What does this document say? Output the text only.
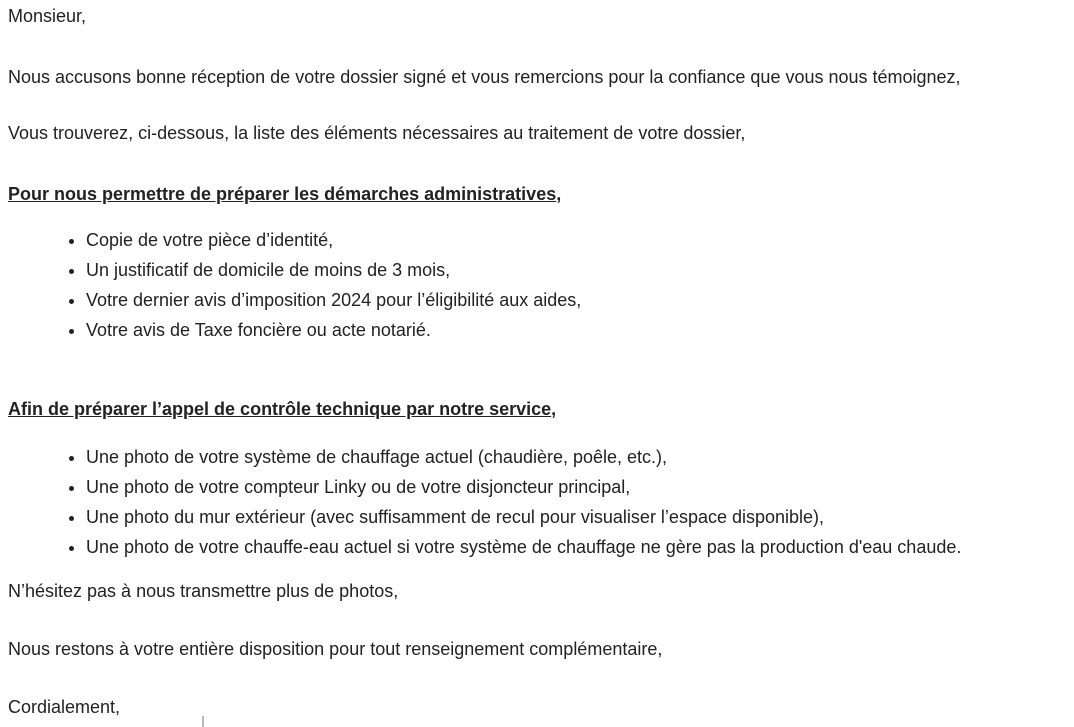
Monsieur,

Nous accusons bonne réception de votre dossier signé et vous remercions pour la confiance que vous nous témoignez,

Vous trouverez, ci-dessous, la liste des éléments nécessaires au traitement de votre dossier,

Pour nous permettre de préparer les démarches administratives,

• Copie de votre pièce d’identité,
• Un justificatif de domicile de moins de 3 mois,
• Votre dernier avis d’imposition 2024 pour l’éligibilité aux aides,
• Votre avis de Taxe foncière ou acte notarié.

Afin de préparer l’appel de contrôle technique par notre service,

• Une photo de votre système de chauffage actuel (chaudière, poêle, etc.),
• Une photo de votre compteur Linky ou de votre disjoncteur principal,
• Une photo du mur extérieur (avec suffisamment de recul pour visualiser l’espace disponible),
• Une photo de votre chauffe-eau actuel si votre système de chauffage ne gère pas la production d'eau chaude.

N’hésitez pas à nous transmettre plus de photos,

Nous restons à votre entière disposition pour tout renseignement complémentaire,

Cordialement,
